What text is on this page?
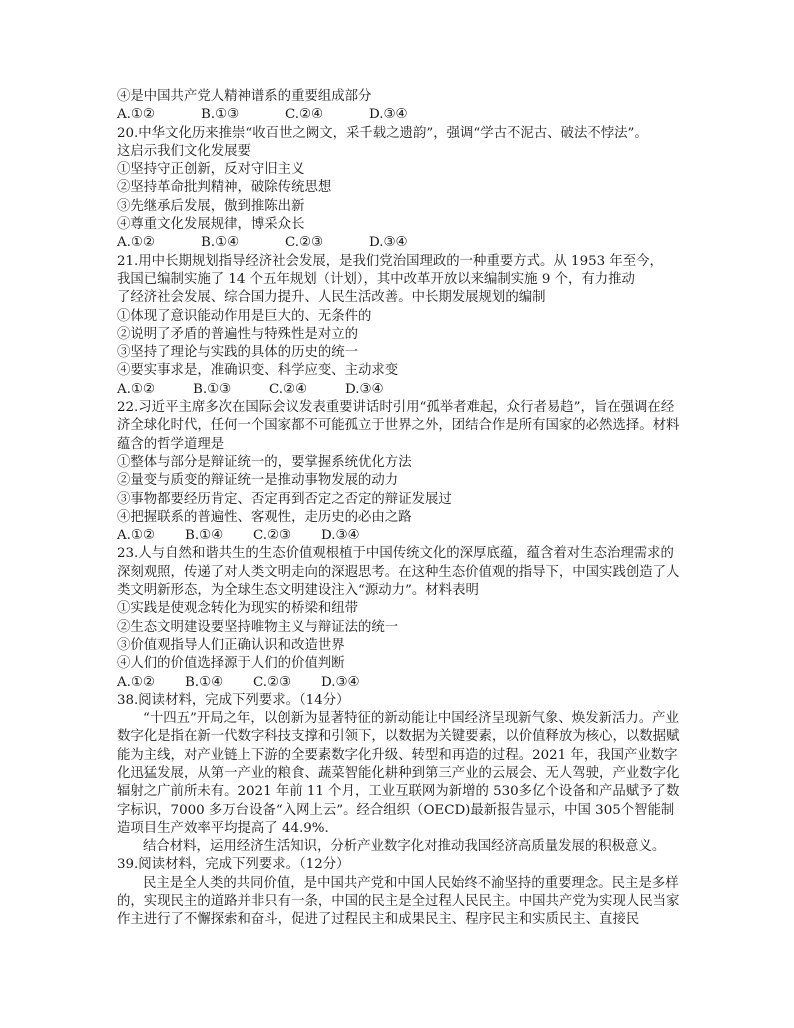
④是中国共产党人精神谱系的重要组成部分
A.①②	B.①③	C.②④	D.③④
20.中华文化历来推崇“收百世之阙文，采千载之遗韵”，强调“学古不泥古、破法不悖法”。
这启示我们文化发展要
①坚持守正创新，反对守旧主义
②坚持革命批判精神，破除传统思想
③先继承后发展，傲到推陈出新
④尊重文化发展规律，博采众长
A.①②	B.①④	C.②③	D.③④
21.用中长期规划指导经济社会发展，是我们党治国理政的一种重要方式。从 1953 年至今，
我国已编制实施了 14 个五年规划（计划），其中改革开放以来编制实施 9 个，有力推动
了经济社会发展、综合国力提升、人民生活改善。中长期发展规划的编制
①体现了意识能动作用是巨大的、无条件的
②说明了矛盾的普遍性与特殊性是对立的
③坚持了理论与实践的具体的历史的统一
④要实事求是，准确识变、科学应变、主动求变
A.①②	B.①③	C.②④	D.③④
22.习近平主席多次在国际会议发表重要讲话时引用“孤举者难起，众行者易趋”，旨在强调在经济全球化时代，任何一个国家都不可能孤立于世界之外，团结合作是所有国家的必然选择。材料蕴含的哲学道理是
①整体与部分是辩证统一的，要掌握系统优化方法
②量变与质变的辩证统一是推动事物发展的动力
③事物都要经历肯定、否定再到否定之否定的辩证发展过
④把握联系的普遍性、客观性，走历史的必由之路
A.①②	B.①④	C.②③	D.③④
23.人与自然和谐共生的生态价值观根植于中国传统文化的深厚底蕴，蕴含着对生态治理需求的深刻观照，传递了对人类文明走向的深遐思考。在这种生态价值观的指导下，中国实践创造了人类文明新形态，为全球生态文明建设注入“源动力”。材料表明
①实践是使观念转化为现实的桥梁和纽带
②生态文明建设要坚持唯物主义与辩证法的统一
③价值观指导人们正确认识和改造世界
④人们的价值选择源于人们的价值判断
A.①②	B.①④	C.②③	D.③④
38.阅读材料，完成下列要求。（14分）
“十四五”开局之年，以创新为显著特征的新动能让中国经济呈现新气象、焕发新活力。产业数字化是指在新一代数字科技支撑和引领下，以数据为关键要素，以价值释放为核心，以数据赋能为主线，对产业链上下游的全要素数字化升级、转型和再造的过程。2021 年，我国产业数字化迅猛发展，从第一产业的粮食、蔬菜智能化耕种到第三产业的云展会、无人驾驶，产业数字化辐射之广前所未有。2021 年前 11 个月，工业互联网为新增的 530多亿个设备和产品赋予了数字标识，7000 多万台设备“入网上云”。经合组织（OECD)最新报告显示，中国 305个智能制造项目生产效率平均提高了 44.9%.
结合材料，运用经济生活知识，分析产业数字化对推动我国经济高质量发展的积极意义。
39.阅读材料，完成下列要求。（12分）
民主是全人类的共同价值，是中国共产党和中国人民始终不渝坚持的重要理念。民主是多样的，实现民主的道路并非只有一条，中国的民主是全过程人民民主。中国共产党为实现人民当家作主进行了不懈探索和奋斗，促进了过程民主和成果民主、程序民主和实质民主、直接民
